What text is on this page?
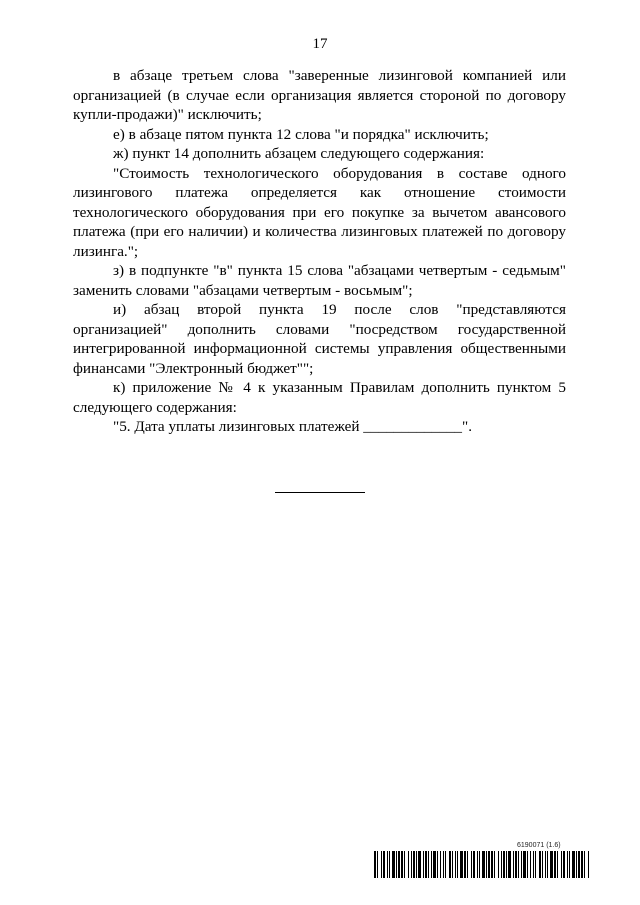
17

в абзаце третьем слова "заверенные лизинговой компанией или организацией (в случае если организация является стороной по договору купли-продажи)" исключить;

е) в абзаце пятом пункта 12 слова "и порядка" исключить;

ж) пункт 14 дополнить абзацем следующего содержания:

"Стоимость технологического оборудования в составе одного лизингового платежа определяется как отношение стоимости технологического оборудования при его покупке за вычетом авансового платежа (при его наличии) и количества лизинговых платежей по договору лизинга.";

з) в подпункте "в" пункта 15 слова "абзацами четвертым - седьмым" заменить словами "абзацами четвертым - восьмым";

и) абзац второй пункта 19 после слов "представляются организацией" дополнить словами "посредством государственной интегрированной информационной системы управления общественными финансами "Электронный бюджет"";

к) приложение № 4 к указанным Правилам дополнить пунктом 5 следующего содержания:

"5. Дата уплаты лизинговых платежей _____________".

6190071 (1.6)
